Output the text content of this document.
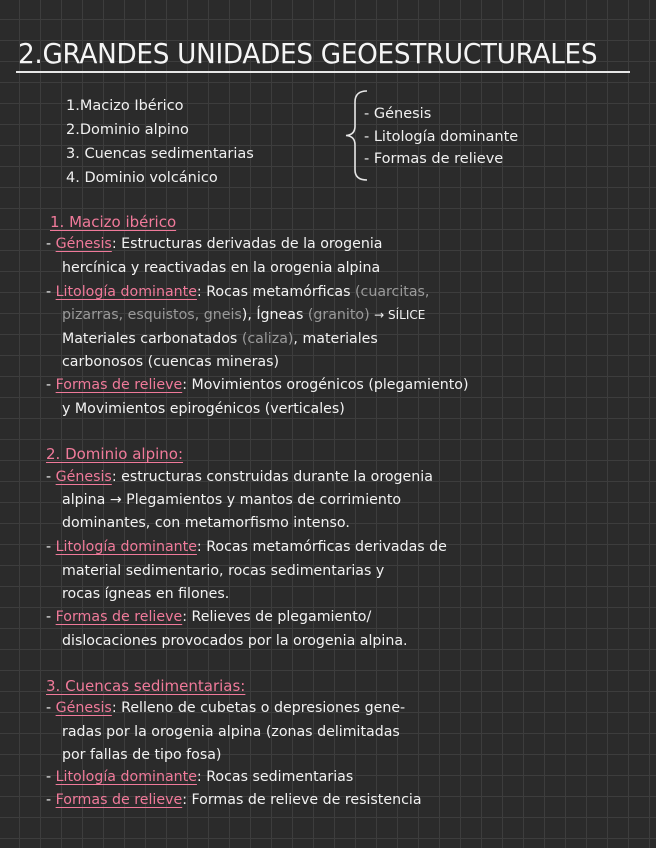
2.GRANDES UNIDADES GEOESTRUCTURALES
1.Macizo Ibérico
2.Dominio alpino
3. Cuencas sedimentarias
4. Dominio volcánico
- Génesis
- Litología dominante
- Formas de relieve
1. Macizo ibérico
- Génesis: Estructuras derivadas de la orogenia
hercínica y reactivadas en la orogenia alpina
- Litología dominante: Rocas metamórficas (cuarcitas,
pizarras, esquistos, gneis), Ígneas (granito) → SÍLICE
Materiales carbonatados (caliza), materiales
carbonosos (cuencas mineras)
- Formas de relieve: Movimientos orogénicos (plegamiento)
y Movimientos epirogénicos (verticales)
2. Dominio alpino:
- Génesis: estructuras construidas durante la orogenia
alpina → Plegamientos y mantos de corrimiento
dominantes, con metamorfismo intenso.
- Litología dominante: Rocas metamórficas derivadas de
material sedimentario, rocas sedimentarias y
rocas ígneas en filones.
- Formas de relieve: Relieves de plegamiento/
dislocaciones provocados por la orogenia alpina.
3. Cuencas sedimentarias:
- Génesis: Relleno de cubetas o depresiones gene-
radas por la orogenia alpina (zonas delimitadas
por fallas de tipo fosa)
- Litología dominante: Rocas sedimentarias
- Formas de relieve: Formas de relieve de resistencia
